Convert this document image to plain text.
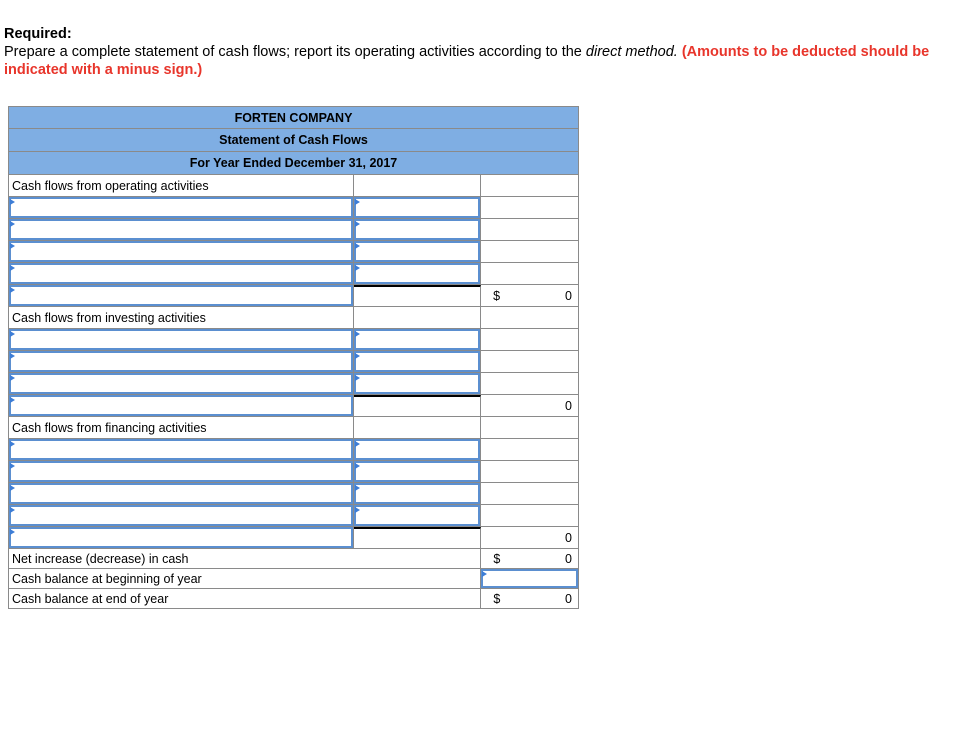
Required:
Prepare a complete statement of cash flows; report its operating activities according to the direct method. (Amounts to be deducted should be indicated with a minus sign.)
FORTEN COMPANY
Statement of Cash Flows
For Year Ended December 31, 2017
Cash flows from operating activities
$	0
Cash flows from investing activities
0
Cash flows from financing activities
0
Net increase (decrease) in cash	$	0
Cash balance at beginning of year
Cash balance at end of year	$	0
